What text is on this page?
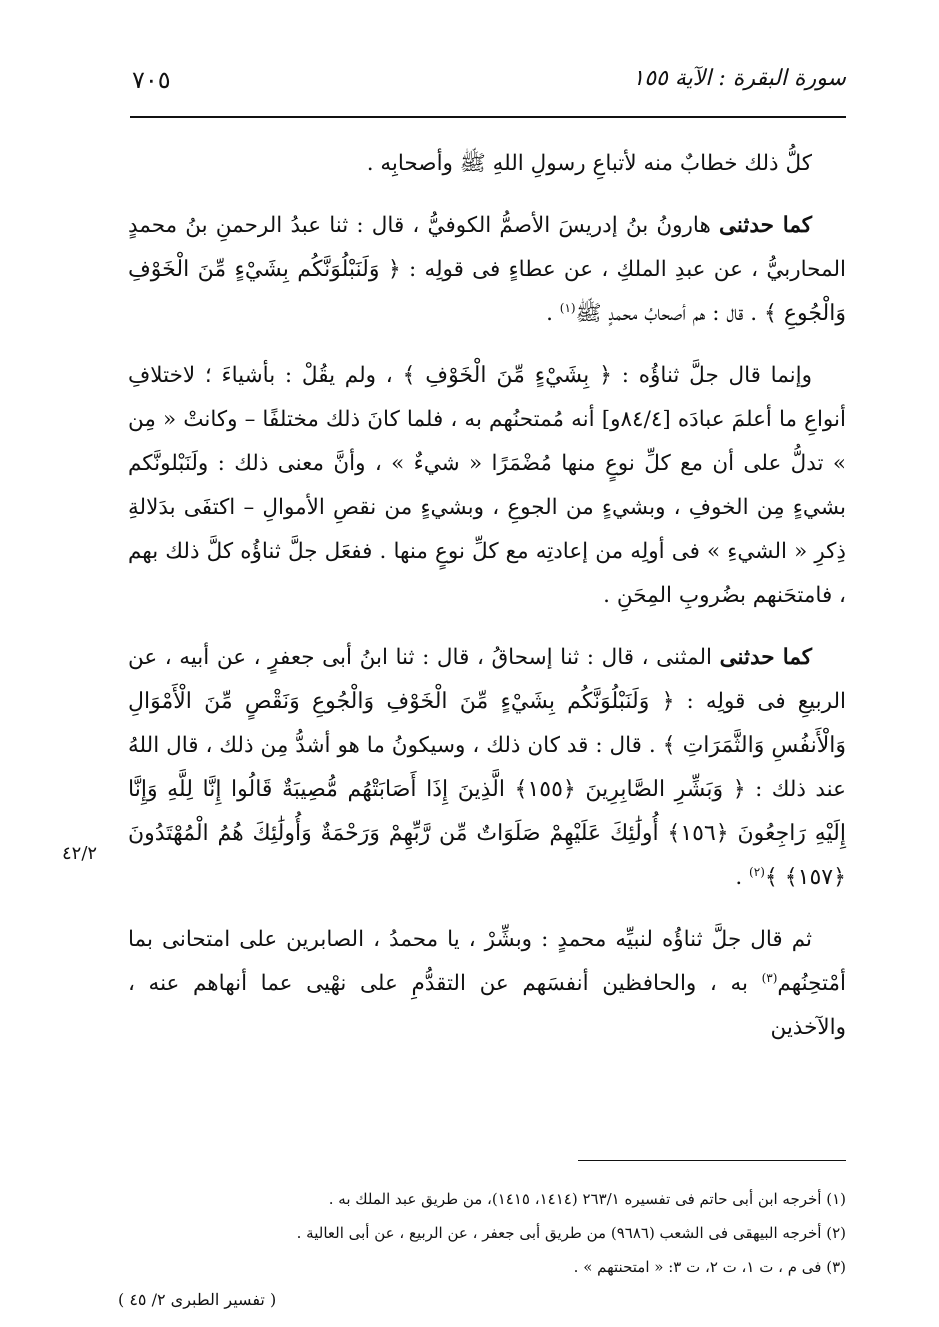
سورة البقرة : الآية ١٥٥
٧٠٥

كلُّ ذلك خطابٌ منه لأتباعِ رسولِ اللهِ ﷺ وأصحابِه .

كما حدثنى هارونُ بنُ إدريسَ الأصمُّ الكوفيُّ ، قال : ثنا عبدُ الرحمنِ بنُ محمدٍ المحاربيُّ ، عن عبدِ الملكِ ، عن عطاءٍ فى قولِه : ﴿ وَلَنَبْلُوَنَّكُم بِشَيْءٍ مِّنَ الْخَوْفِ وَالْجُوعِ ﴾ . قال : هم أصحابُ محمدٍ ﷺ$^{(١)}$ .

وإنما قال جلَّ ثناؤُه : ﴿ بِشَيْءٍ مِّنَ الْخَوْفِ ﴾ ، ولم يقُلْ : بأشياءَ ؛ لاختلافِ أنواعِ ما أعلمَ عبادَه [٨٤/٤و] أنه مُمتحنُهم به ، فلما كانَ ذلك مختلفًا – وكانتْ « مِن » تدلُّ على أن مع كلِّ نوعٍ منها مُضْمَرًا « شيءٌ » ، وأنَّ معنى ذلك : ولَنَبْلونَّكم بشيءٍ مِن الخوفِ ، وبشيءٍ من الجوعِ ، وبشيءٍ من نقصِ الأموالِ – اكتفَى بدَلالةِ ذِكرِ « الشيءِ » فى أولِه من إعادتِه مع كلِّ نوعٍ منها . ففعَل جلَّ ثناؤُه كلَّ ذلك بهم ، فامتحَنهم بضُروبِ المِحَنِ .

كما حدثنى المثنى ، قال : ثنا إسحاقُ ، قال : ثنا ابنُ أبى جعفرٍ ، عن أبيه ، عن الربيعِ فى قولِه : ﴿ وَلَنَبْلُوَنَّكُم بِشَيْءٍ مِّنَ الْخَوْفِ وَالْجُوعِ وَنَقْصٍ مِّنَ الْأَمْوَالِ وَالْأَنفُسِ وَالثَّمَرَاتِ ﴾ . قال : قد كان ذلك ، وسيكونُ ما هو أشدُّ مِن ذلك ، قال اللهُ عند ذلك : ﴿ وَبَشِّرِ الصَّابِرِينَ ﴿١٥٥﴾ الَّذِينَ إِذَا أَصَابَتْهُم مُّصِيبَةٌ قَالُوا إِنَّا لِلَّهِ وَإِنَّا إِلَيْهِ رَاجِعُونَ ﴿١٥٦﴾ أُولَٰئِكَ عَلَيْهِمْ صَلَوَاتٌ مِّن رَّبِّهِمْ وَرَحْمَةٌ وَأُولَٰئِكَ هُمُ الْمُهْتَدُونَ ﴿١٥٧﴾ ﴾$^{(٢)}$ .

ثم قال جلَّ ثناؤُه لنبيِّه محمدٍ : وبشِّرْ ، يا محمدُ ، الصابرين على امتحانى بما أمْتحِنُهم$^{(٣)}$ به ، والحافظين أنفسَهم عن التقدُّمِ على نهْيى عما أنهاهم عنه ، والآخذين

٤٢/٢
(١) أخرجه ابن أبى حاتم فى تفسيره ٢٦٣/١ (١٤١٤، ١٤١٥)، من طريق عبد الملك به .
(٢) أخرجه البيهقى فى الشعب (٩٦٨٦) من طريق أبى جعفر ، عن الربيع ، عن أبى العالية .
(٣) فى م ، ت ١، ت ٢، ت ٣: « امتحنتهم » .
( تفسير الطبرى ٢/ ٤٥ )
